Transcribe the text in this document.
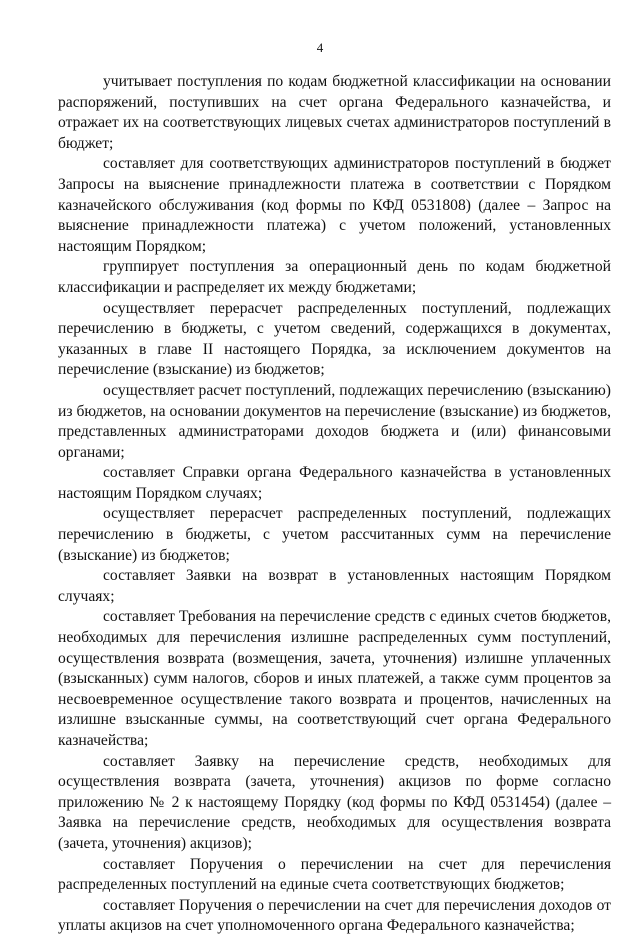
4

учитывает поступления по кодам бюджетной классификации на основании распоряжений, поступивших на счет органа Федерального казначейства, и отражает их на соответствующих лицевых счетах администраторов поступлений в бюджет;

составляет для соответствующих администраторов поступлений в бюджет Запросы на выяснение принадлежности платежа в соответствии с Порядком казначейского обслуживания (код формы по КФД 0531808) (далее – Запрос на выяснение принадлежности платежа) с учетом положений, установленных настоящим Порядком;

группирует поступления за операционный день по кодам бюджетной классификации и распределяет их между бюджетами;

осуществляет перерасчет распределенных поступлений, подлежащих перечислению в бюджеты, с учетом сведений, содержащихся в документах, указанных в главе II настоящего Порядка, за исключением документов на перечисление (взыскание) из бюджетов;

осуществляет расчет поступлений, подлежащих перечислению (взысканию) из бюджетов, на основании документов на перечисление (взыскание) из бюджетов, представленных администраторами доходов бюджета и (или) финансовыми органами;

составляет Справки органа Федерального казначейства в установленных настоящим Порядком случаях;

осуществляет перерасчет распределенных поступлений, подлежащих перечислению в бюджеты, с учетом рассчитанных сумм на перечисление (взыскание) из бюджетов;

составляет Заявки на возврат в установленных настоящим Порядком случаях;

составляет Требования на перечисление средств с единых счетов бюджетов, необходимых для перечисления излишне распределенных сумм поступлений, осуществления возврата (возмещения, зачета, уточнения) излишне уплаченных (взысканных) сумм налогов, сборов и иных платежей, а также сумм процентов за несвоевременное осуществление такого возврата и процентов, начисленных на излишне взысканные суммы, на соответствующий счет органа Федерального казначейства;

составляет Заявку на перечисление средств, необходимых для осуществления возврата (зачета, уточнения) акцизов по форме согласно приложению № 2 к настоящему Порядку (код формы по КФД 0531454) (далее – Заявка на перечисление средств, необходимых для осуществления возврата (зачета, уточнения) акцизов);

составляет Поручения о перечислении на счет для перечисления распределенных поступлений на единые счета соответствующих бюджетов;

составляет Поручения о перечислении на счет для перечисления доходов от уплаты акцизов на счет уполномоченного органа Федерального казначейства;
